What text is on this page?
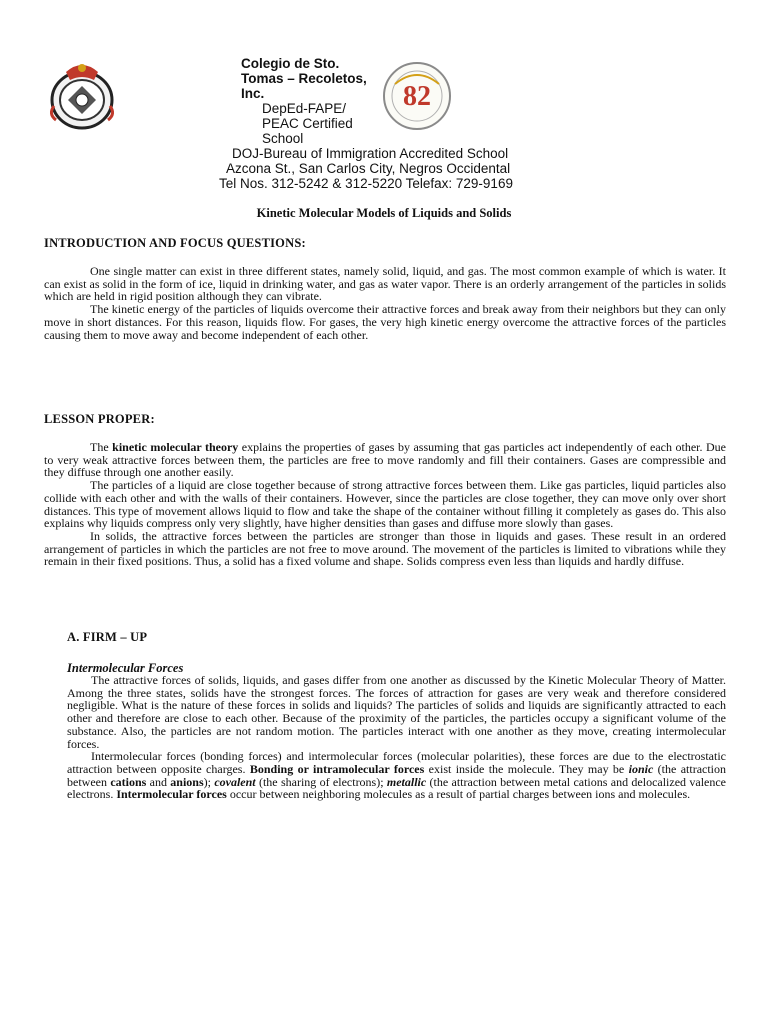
Colegio de Sto.
Tomas – Recoletos,
Inc.
DepEd-FAPE/
PEAC Certified
School
DOJ-Bureau of Immigration Accredited School
Azcona St., San Carlos City, Negros Occidental
Tel Nos. 312-5242 & 312-5220 Telefax: 729-9169
82
Kinetic Molecular Models of Liquids and Solids
INTRODUCTION AND FOCUS QUESTIONS:

One single matter can exist in three different states, namely solid, liquid, and gas. The most common example of which is water. It can exist as solid in the form of ice, liquid in drinking water, and gas as water vapor. There is an orderly arrangement of the particles in solids which are held in rigid position although they can vibrate.

The kinetic energy of the particles of liquids overcome their attractive forces and break away from their neighbors but they can only move in short distances. For this reason, liquids flow. For gases, the very high kinetic energy overcome the attractive forces of the particles causing them to move away and become independent of each other.

LESSON PROPER:

The kinetic molecular theory explains the properties of gases by assuming that gas particles act independently of each other. Due to very weak attractive forces between them, the particles are free to move randomly and fill their containers. Gases are compressible and they diffuse through one another easily.

The particles of a liquid are close together because of strong attractive forces between them. Like gas particles, liquid particles also collide with each other and with the walls of their containers. However, since the particles are close together, they can move only over short distances. This type of movement allows liquid to flow and take the shape of the container without filling it completely as gases do. This also explains why liquids compress only very slightly, have higher densities than gases and diffuse more slowly than gases.

In solids, the attractive forces between the particles are stronger than those in liquids and gases. These result in an ordered arrangement of particles in which the particles are not free to move around. The movement of the particles is limited to vibrations while they remain in their fixed positions. Thus, a solid has a fixed volume and shape. Solids compress even less than liquids and hardly diffuse.

A. FIRM – UP
Intermolecular Forces

The attractive forces of solids, liquids, and gases differ from one another as discussed by the Kinetic Molecular Theory of Matter. Among the three states, solids have the strongest forces. The forces of attraction for gases are very weak and therefore considered negligible. What is the nature of these forces in solids and liquids? The particles of solids and liquids are significantly attracted to each other and therefore are close to each other. Because of the proximity of the particles, the particles occupy a significant volume of the substance. Also, the particles are not random motion. The particles interact with one another as they move, creating intermolecular forces.

Intermolecular forces (bonding forces) and intermolecular forces (molecular polarities), these forces are due to the electrostatic attraction between opposite charges. Bonding or intramolecular forces exist inside the molecule. They may be ionic (the attraction between cations and anions); covalent (the sharing of electrons); metallic (the attraction between metal cations and delocalized valence electrons. Intermolecular forces occur between neighboring molecules as a result of partial charges between ions and molecules.
